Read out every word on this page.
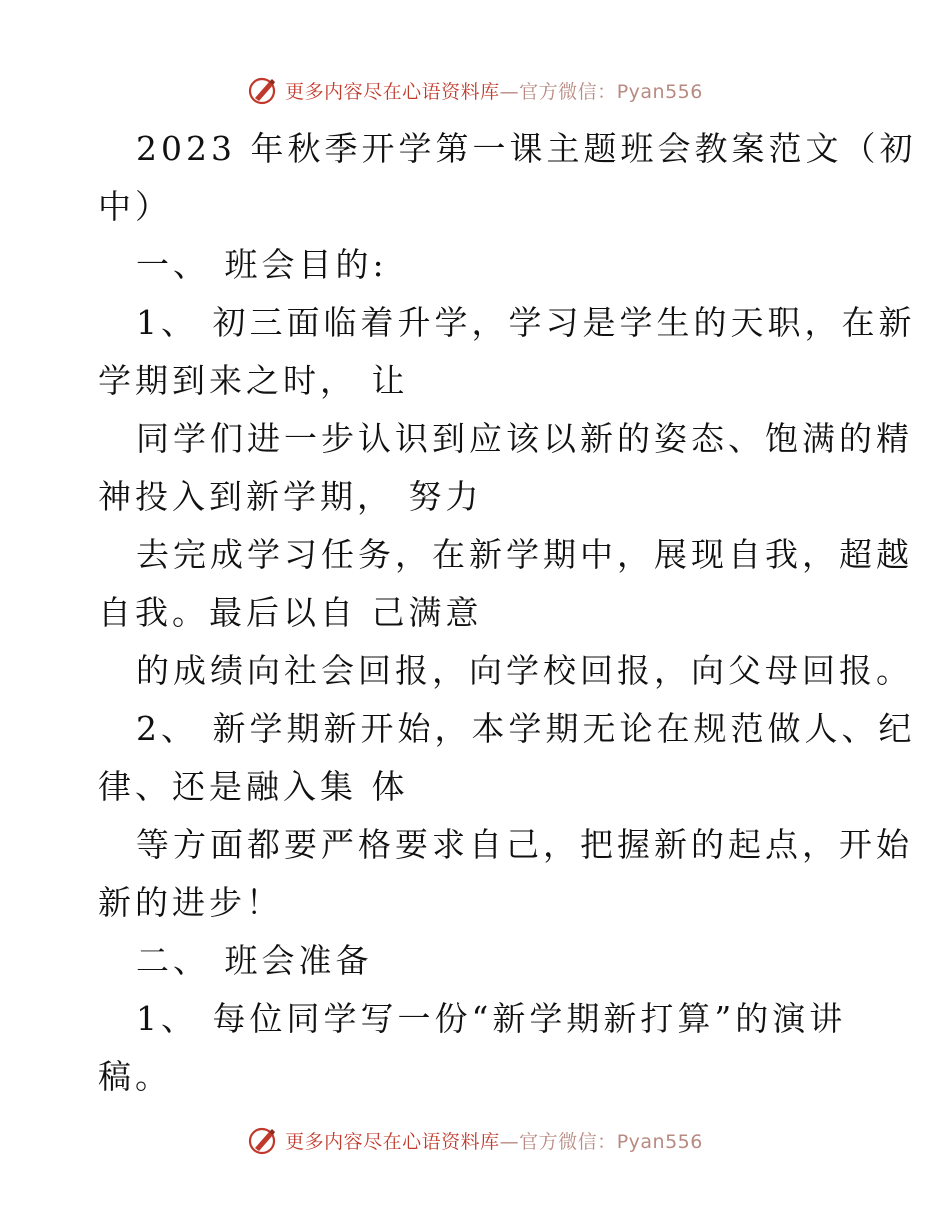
更多内容尽在心语资料库—官方微信：Pyan556
2023 年秋季开学第一课主题班会教案范文（初
中）
一、 班会目的:
1、 初三面临着升学，学习是学生的天职，在新
学期到来之时， 让
同学们进一步认识到应该以新的姿态、饱满的精
神投入到新学期， 努力
去完成学习任务，在新学期中，展现自我，超越
自我。最后以自 己满意
的成绩向社会回报，向学校回报，向父母回报。
2、 新学期新开始，本学期无论在规范做人、纪
律、还是融入集 体
等方面都要严格要求自己，把握新的起点，开始
新的进步！
二、 班会准备
1、 每位同学写一份“新学期新打算”的演讲
稿。
更多内容尽在心语资料库—官方微信：Pyan556
